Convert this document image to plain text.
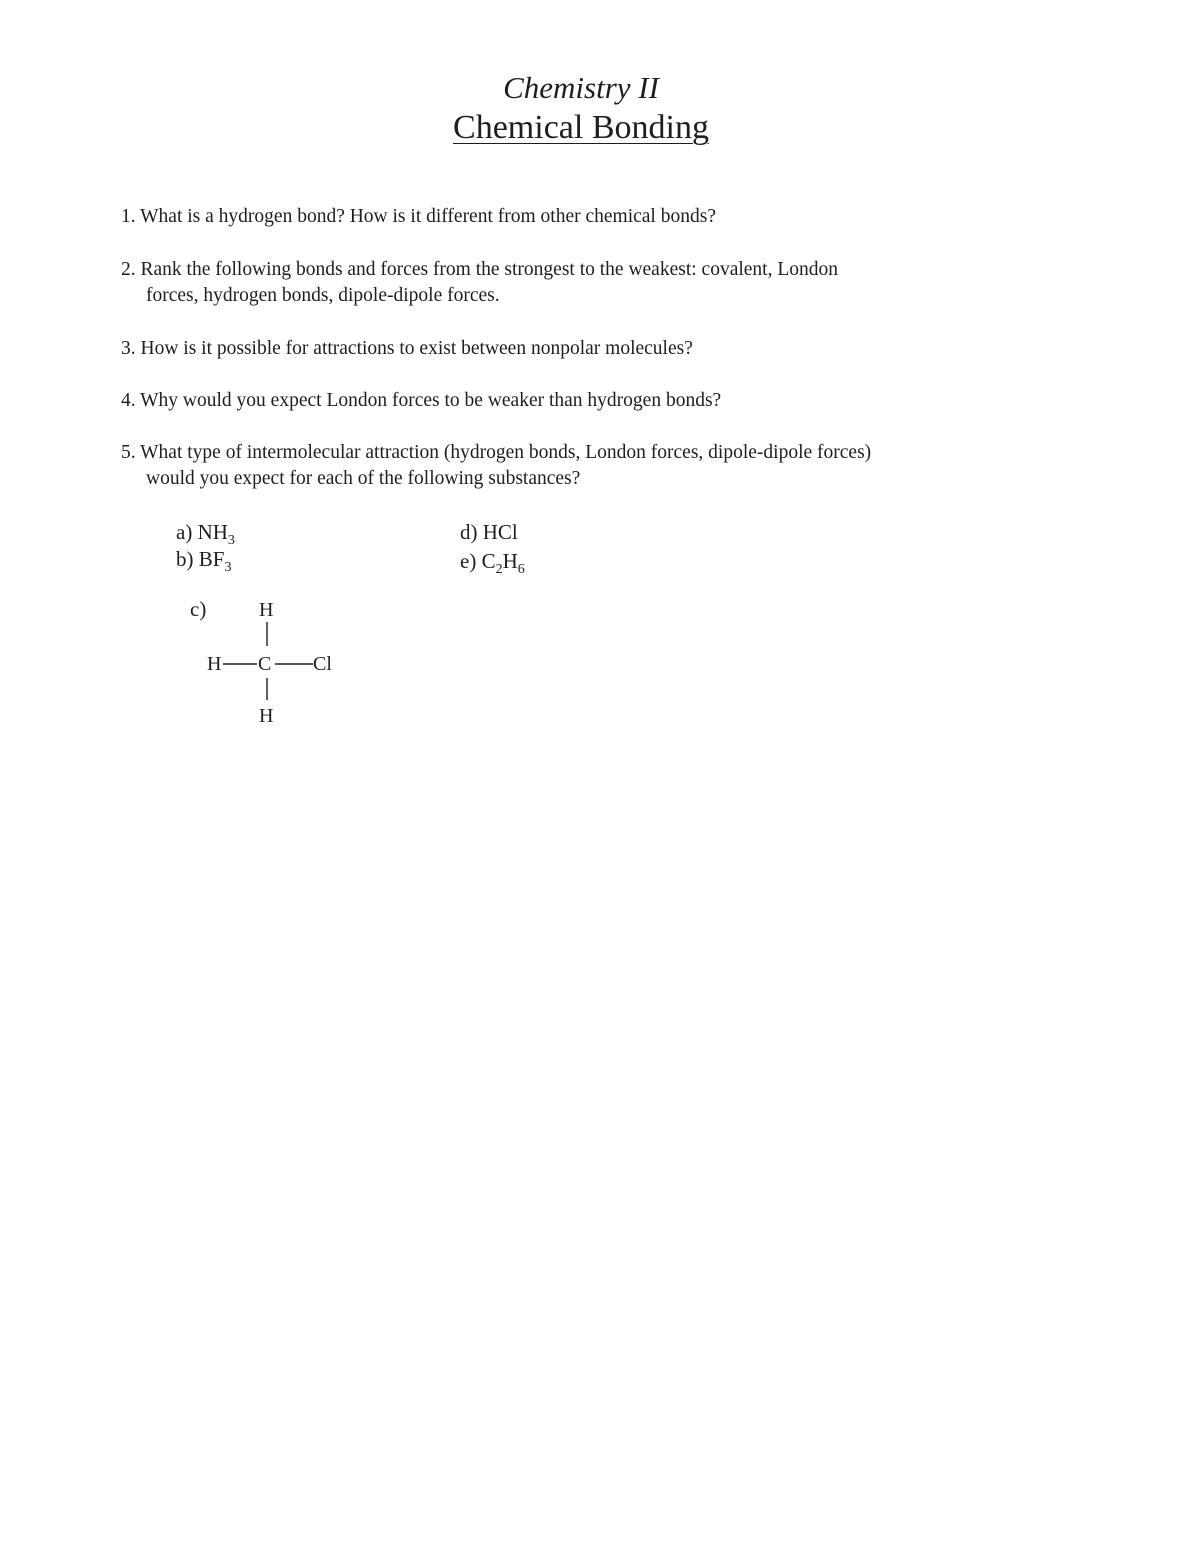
Chemistry II
Chemical Bonding
1. What is a hydrogen bond? How is it different from other chemical bonds?
2. Rank the following bonds and forces from the strongest to the weakest: covalent, London
forces, hydrogen bonds, dipole-dipole forces.
3. How is it possible for attractions to exist between nonpolar molecules?
4. Why would you expect London forces to be weaker than hydrogen bonds?
5. What type of intermolecular attraction (hydrogen bonds, London forces, dipole-dipole forces)
would you expect for each of the following substances?
a) $NH_3$
b) $BF_3$
d) HCl
e) $C_2H_6$
c)	H
H C Cl
H
